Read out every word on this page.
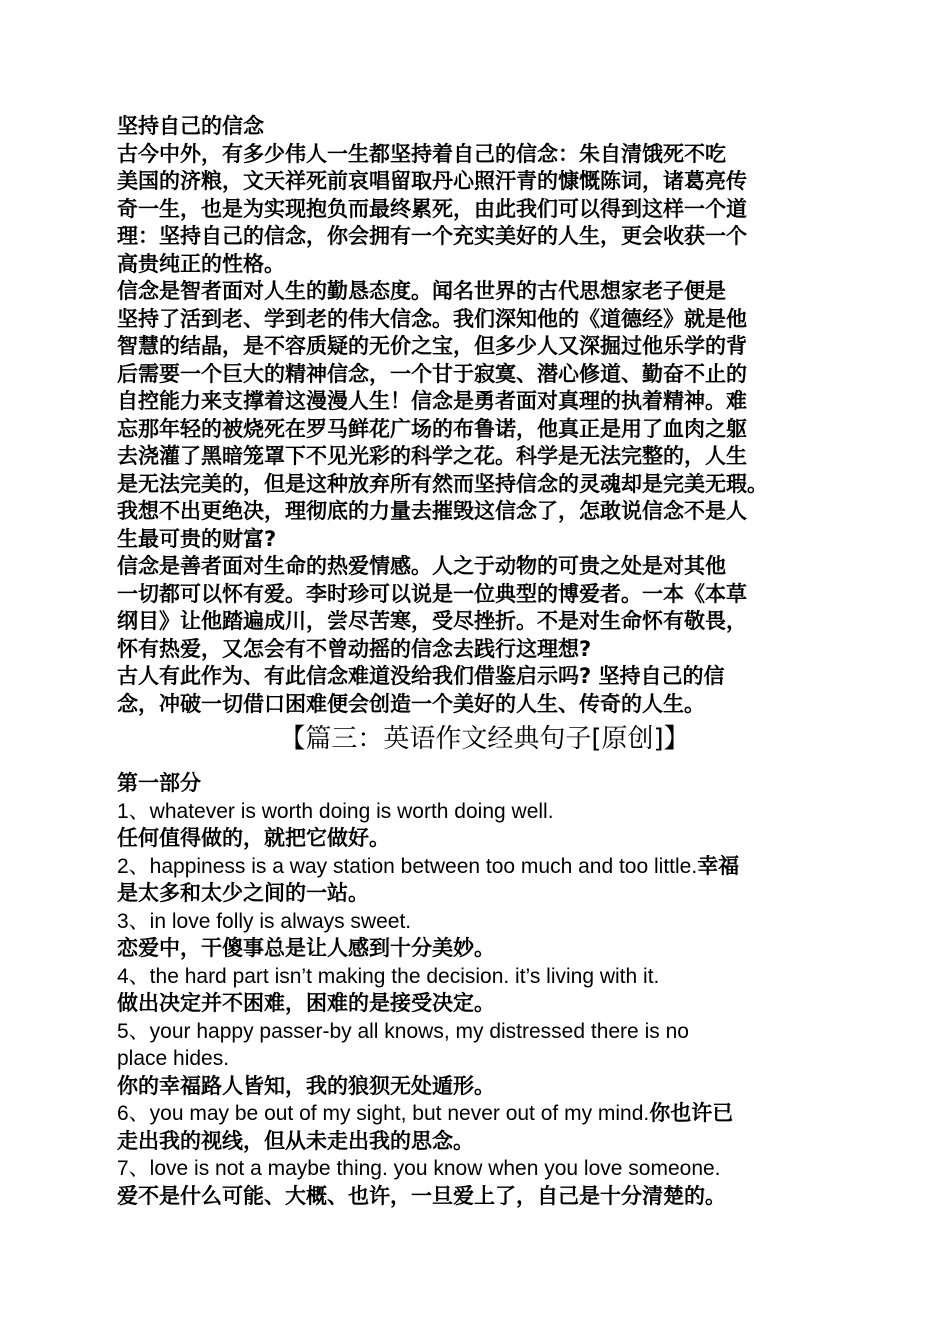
坚持自己的信念
古今中外，有多少伟人一生都坚持着自己的信念：朱自清饿死不吃
美国的济粮，文天祥死前哀唱留取丹心照汗青的慷慨陈词，诸葛亮传
奇一生，也是为实现抱负而最终累死，由此我们可以得到这样一个道
理：坚持自己的信念，你会拥有一个充实美好的人生，更会收获一个
高贵纯正的性格。
信念是智者面对人生的勤恳态度。闻名世界的古代思想家老子便是
坚持了活到老、学到老的伟大信念。我们深知他的《道德经》就是他
智慧的结晶，是不容质疑的无价之宝，但多少人又深掘过他乐学的背
后需要一个巨大的精神信念，一个甘于寂寞、潜心修道、勤奋不止的
自控能力来支撑着这漫漫人生！信念是勇者面对真理的执着精神。难
忘那年轻的被烧死在罗马鲜花广场的布鲁诺，他真正是用了血肉之躯
去浇灌了黑暗笼罩下不见光彩的科学之花。科学是无法完整的，人生
是无法完美的，但是这种放弃所有然而坚持信念的灵魂却是完美无瑕。
我想不出更绝决，理彻底的力量去摧毁这信念了，怎敢说信念不是人
生最可贵的财富?
信念是善者面对生命的热爱情感。人之于动物的可贵之处是对其他
一切都可以怀有爱。李时珍可以说是一位典型的博爱者。一本《本草
纲目》让他踏遍成川，尝尽苦寒，受尽挫折。不是对生命怀有敬畏，
怀有热爱，又怎会有不曾动摇的信念去践行这理想?
古人有此作为、有此信念难道没给我们借鉴启示吗? 坚持自己的信
念，冲破一切借口困难便会创造一个美好的人生、传奇的人生。
【篇三：英语作文经典句子[原创]】
第一部分
1、whatever is worth doing is worth doing well.
任何值得做的，就把它做好。
2、happiness is a way station between too much and too little.幸福
是太多和太少之间的一站。
3、in love folly is always sweet.
恋爱中，干傻事总是让人感到十分美妙。
4、the hard part isn’t making the decision. it’s living with it.
做出决定并不困难，困难的是接受决定。
5、your happy passer-by all knows, my distressed there is no
place hides.
你的幸福路人皆知，我的狼狈无处遁形。
6、you may be out of my sight, but never out of my mind.你也许已
走出我的视线，但从未走出我的思念。
7、love is not a maybe thing. you know when you love someone.
爱不是什么可能、大概、也许，一旦爱上了，自己是十分清楚的。
